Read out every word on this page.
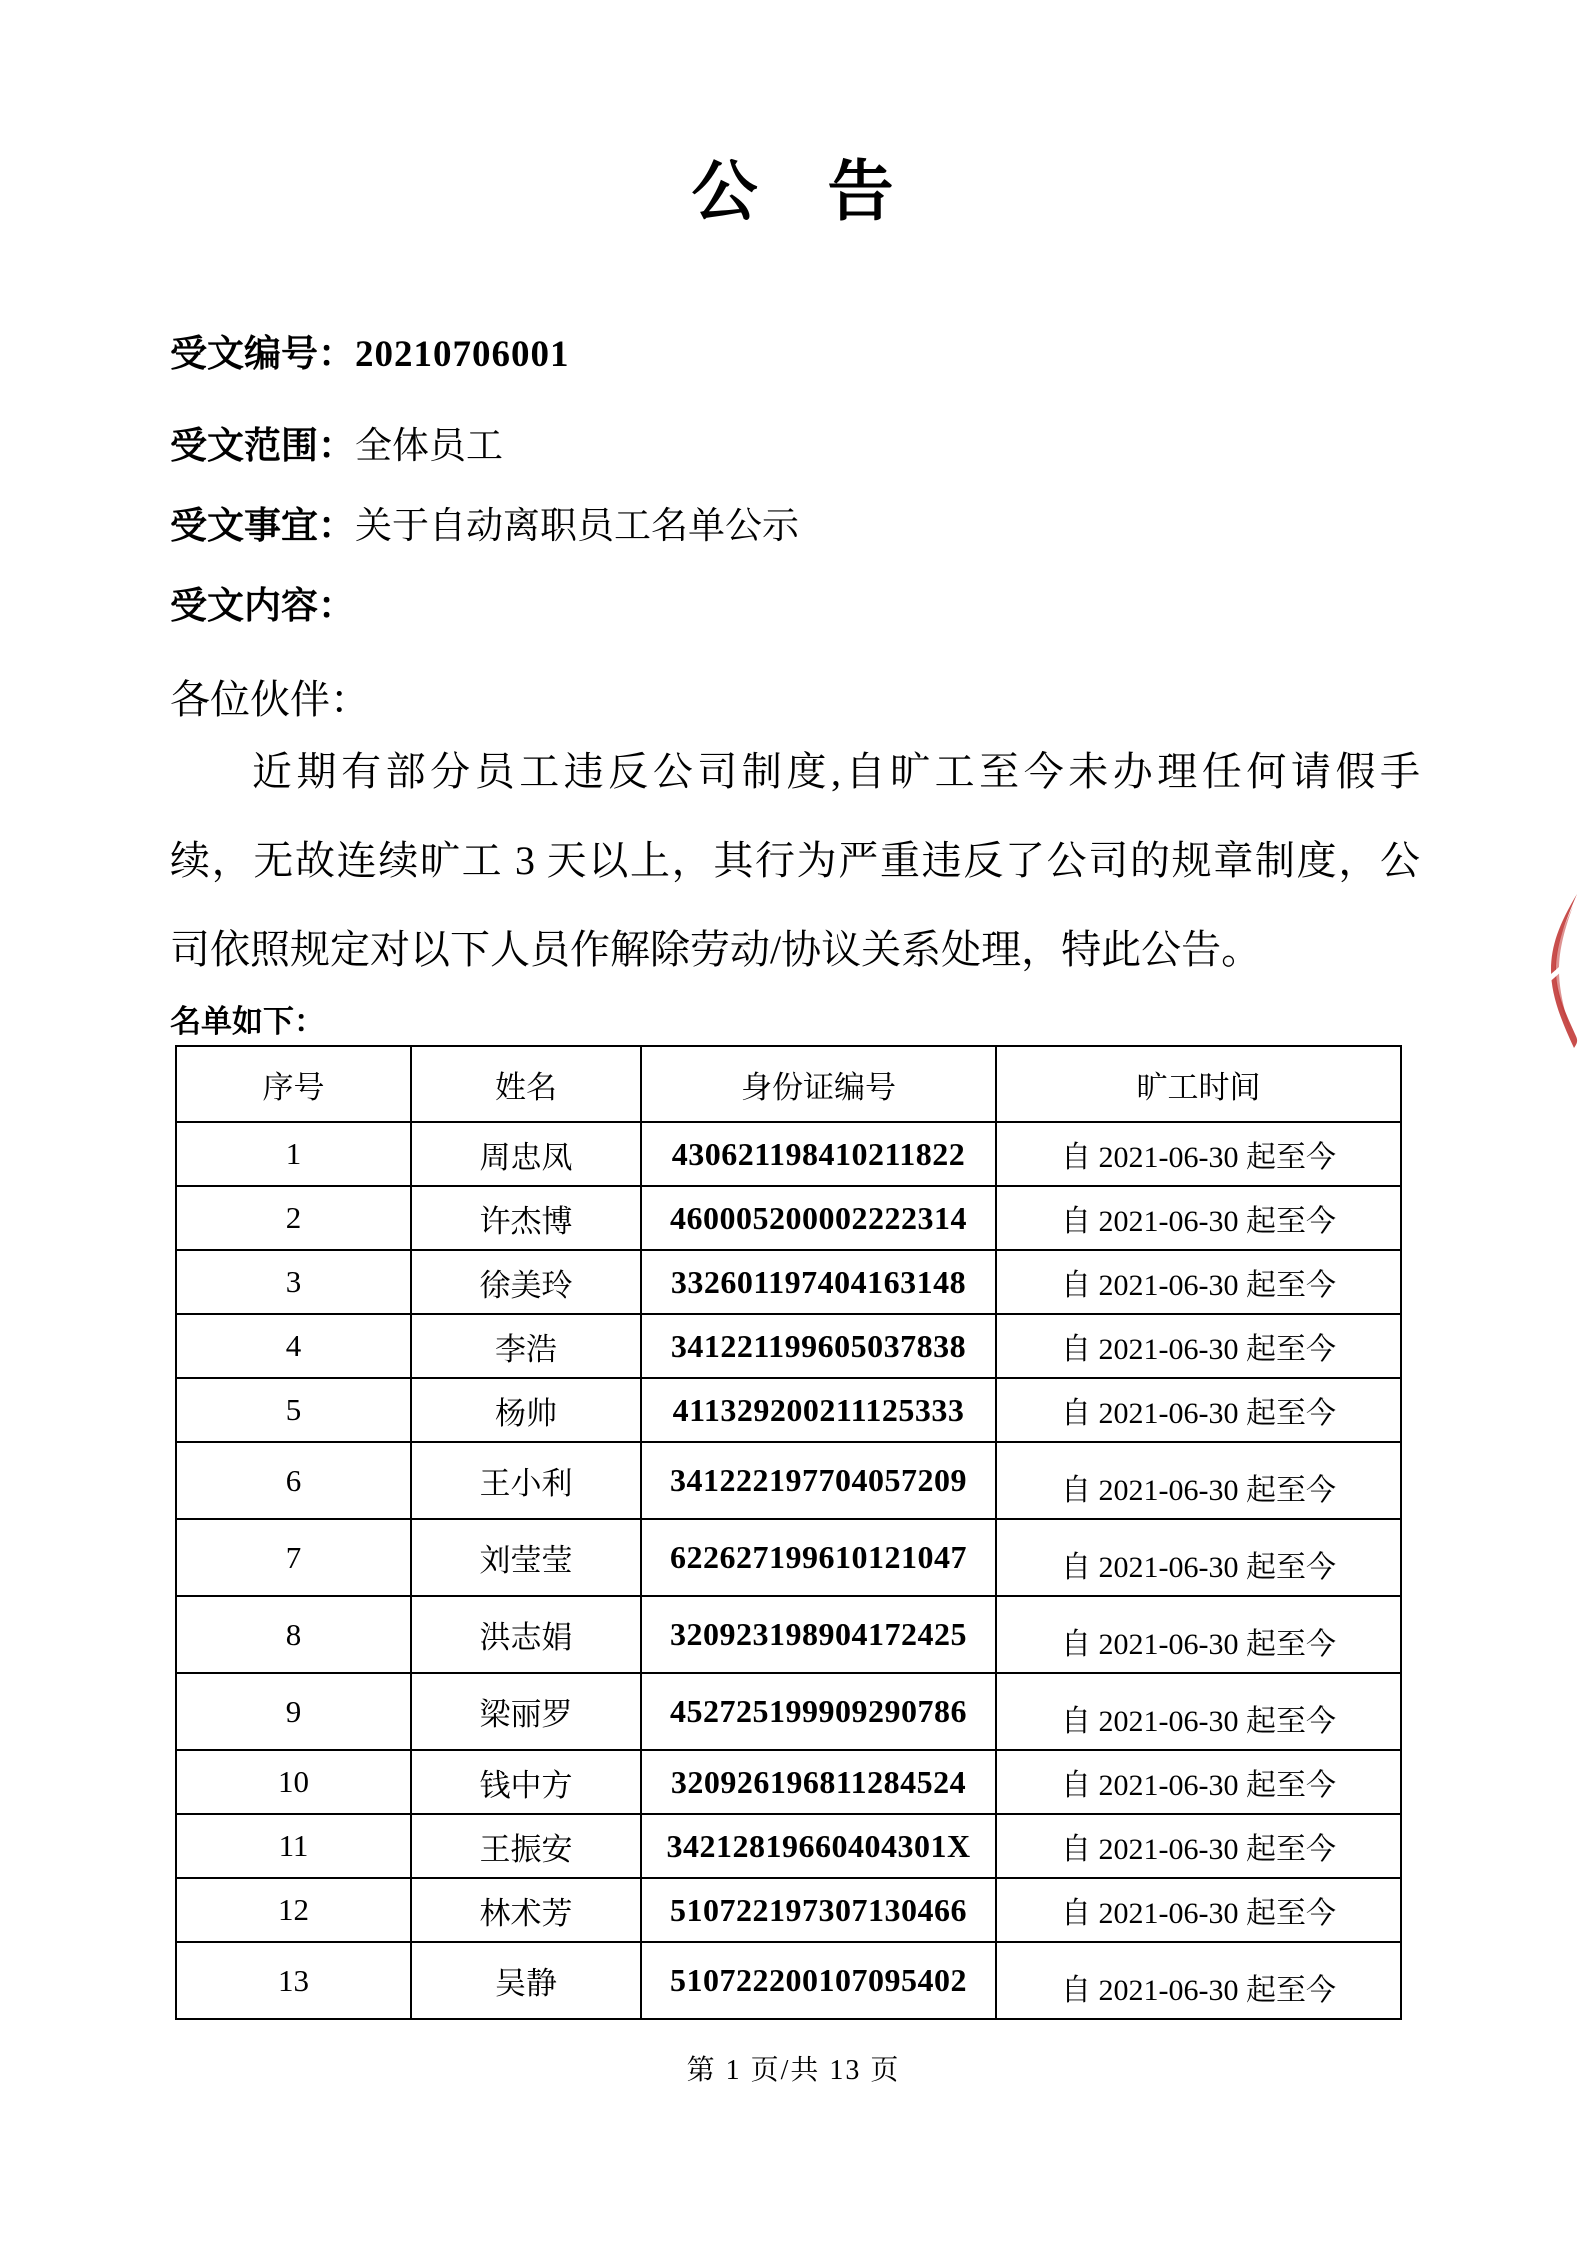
公　告
受文编号：20210706001
受文范围：全体员工
受文事宜：关于自动离职员工名单公示
受文内容：
各位伙伴：
近期有部分员工违反公司制度,自旷工至今未办理任何请假手
续，无故连续旷工 3 天以上，其行为严重违反了公司的规章制度，公
司依照规定对以下人员作解除劳动/协议关系处理，特此公告。
名单如下：
序号	姓名	身份证编号	旷工时间
1	周忠凤	430621198410211822	自 2021-06-30 起至今
2	许杰博	460005200002222314	自 2021-06-30 起至今
3	徐美玲	332601197404163148	自 2021-06-30 起至今
4	李浩	341221199605037838	自 2021-06-30 起至今
5	杨帅	411329200211125333	自 2021-06-30 起至今
6	王小利	341222197704057209	自 2021-06-30 起至今
7	刘莹莹	622627199610121047	自 2021-06-30 起至今
8	洪志娟	320923198904172425	自 2021-06-30 起至今
9	梁丽罗	452725199909290786	自 2021-06-30 起至今
10	钱中方	320926196811284524	自 2021-06-30 起至今
11	王振安	34212819660404301X	自 2021-06-30 起至今
12	林术芳	510722197307130466	自 2021-06-30 起至今
13	吴静	510722200107095402	自 2021-06-30 起至今
第 1 页/共 13 页
